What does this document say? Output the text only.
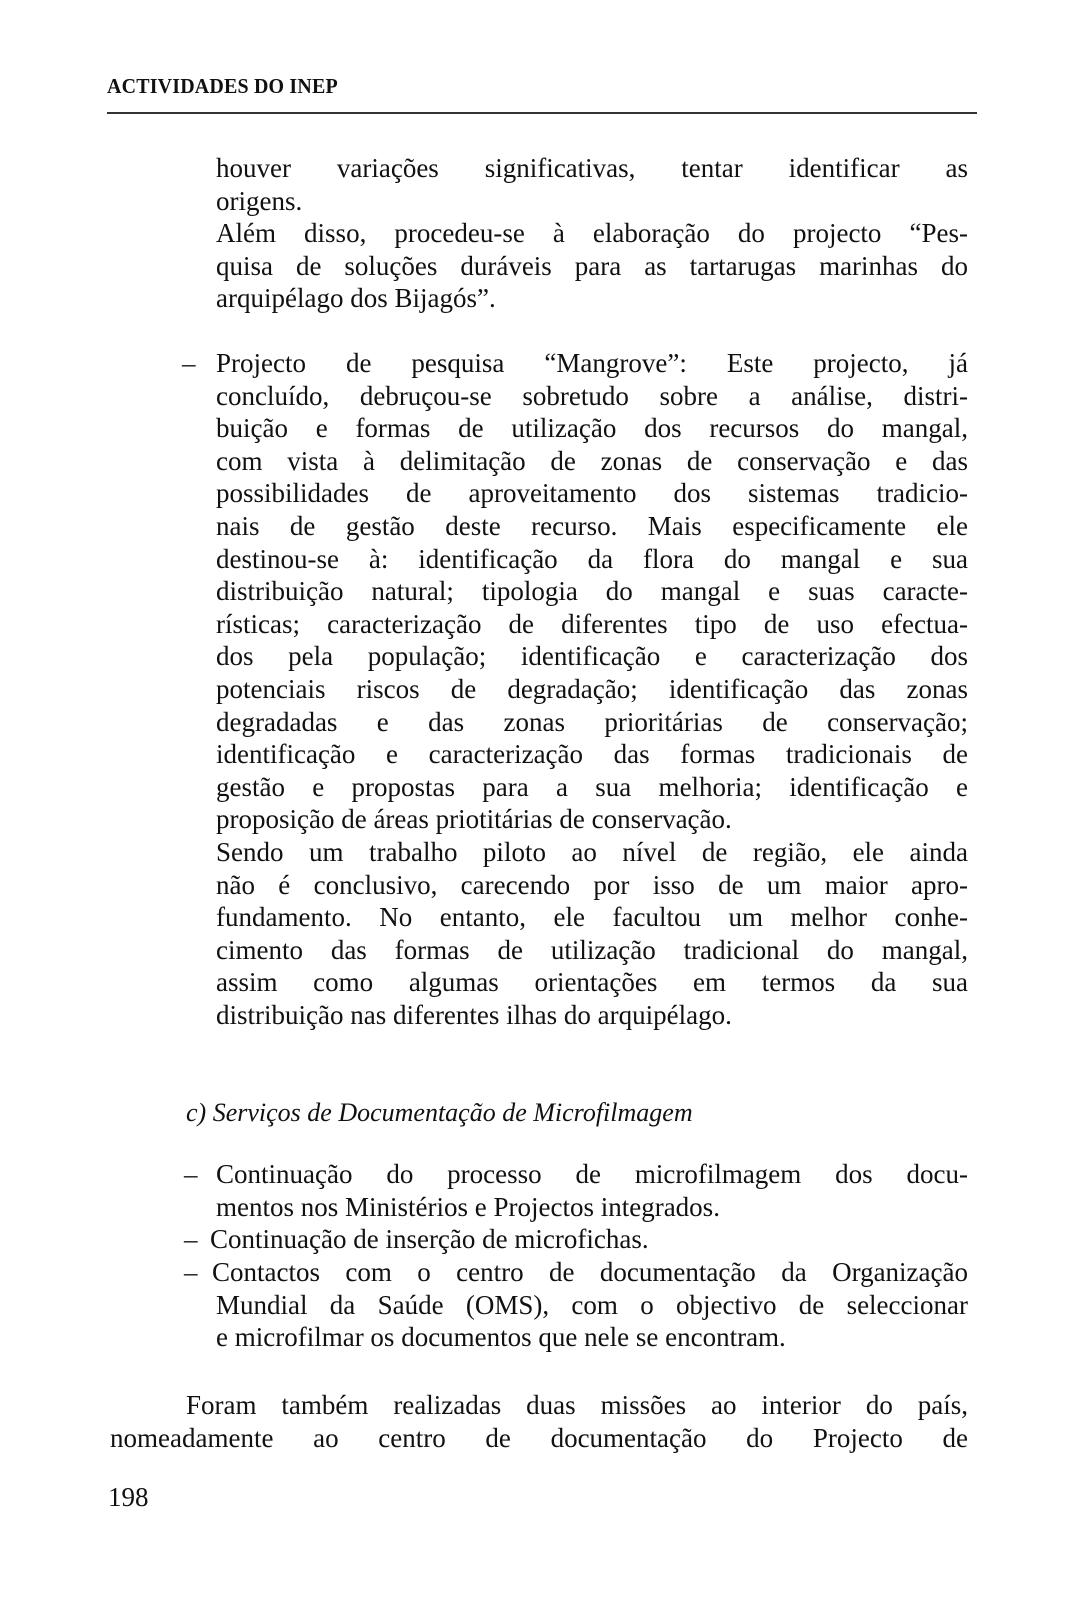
ACTIVIDADES DO INEP
houver variações significativas, tentar identificar as
origens.
Além disso, procedeu-se à elaboração do projecto “Pes-
quisa de soluções duráveis para as tartarugas marinhas do
arquipélago dos Bijagós”.
– Projecto de pesquisa “Mangrove”: Este projecto, já
concluído, debruçou-se sobretudo sobre a análise, distri-
buição e formas de utilização dos recursos do mangal,
com vista à delimitação de zonas de conservação e das
possibilidades de aproveitamento dos sistemas tradicio-
nais de gestão deste recurso. Mais especificamente ele
destinou-se à: identificação da flora do mangal e sua
distribuição natural; tipologia do mangal e suas caracte-
rísticas; caracterização de diferentes tipo de uso efectua-
dos pela população; identificação e caracterização dos
potenciais riscos de degradação; identificação das zonas
degradadas e das zonas prioritárias de conservação;
identificação e caracterização das formas tradicionais de
gestão e propostas para a sua melhoria; identificação e
proposição de áreas priotitárias de conservação.
Sendo um trabalho piloto ao nível de região, ele ainda
não é conclusivo, carecendo por isso de um maior apro-
fundamento. No entanto, ele facultou um melhor conhe-
cimento das formas de utilização tradicional do mangal,
assim como algumas orientações em termos da sua
distribuição nas diferentes ilhas do arquipélago.
c) Serviços de Documentação de Microfilmagem
– Continuação do processo de microfilmagem dos docu-
mentos nos Ministérios e Projectos integrados.
– Continuação de inserção de microfichas.
– Contactos com o centro de documentação da Organização
Mundial da Saúde (OMS), com o objectivo de seleccionar
e microfilmar os documentos que nele se encontram.
Foram também realizadas duas missões ao interior do país,
nomeadamente ao centro de documentação do Projecto de
198
